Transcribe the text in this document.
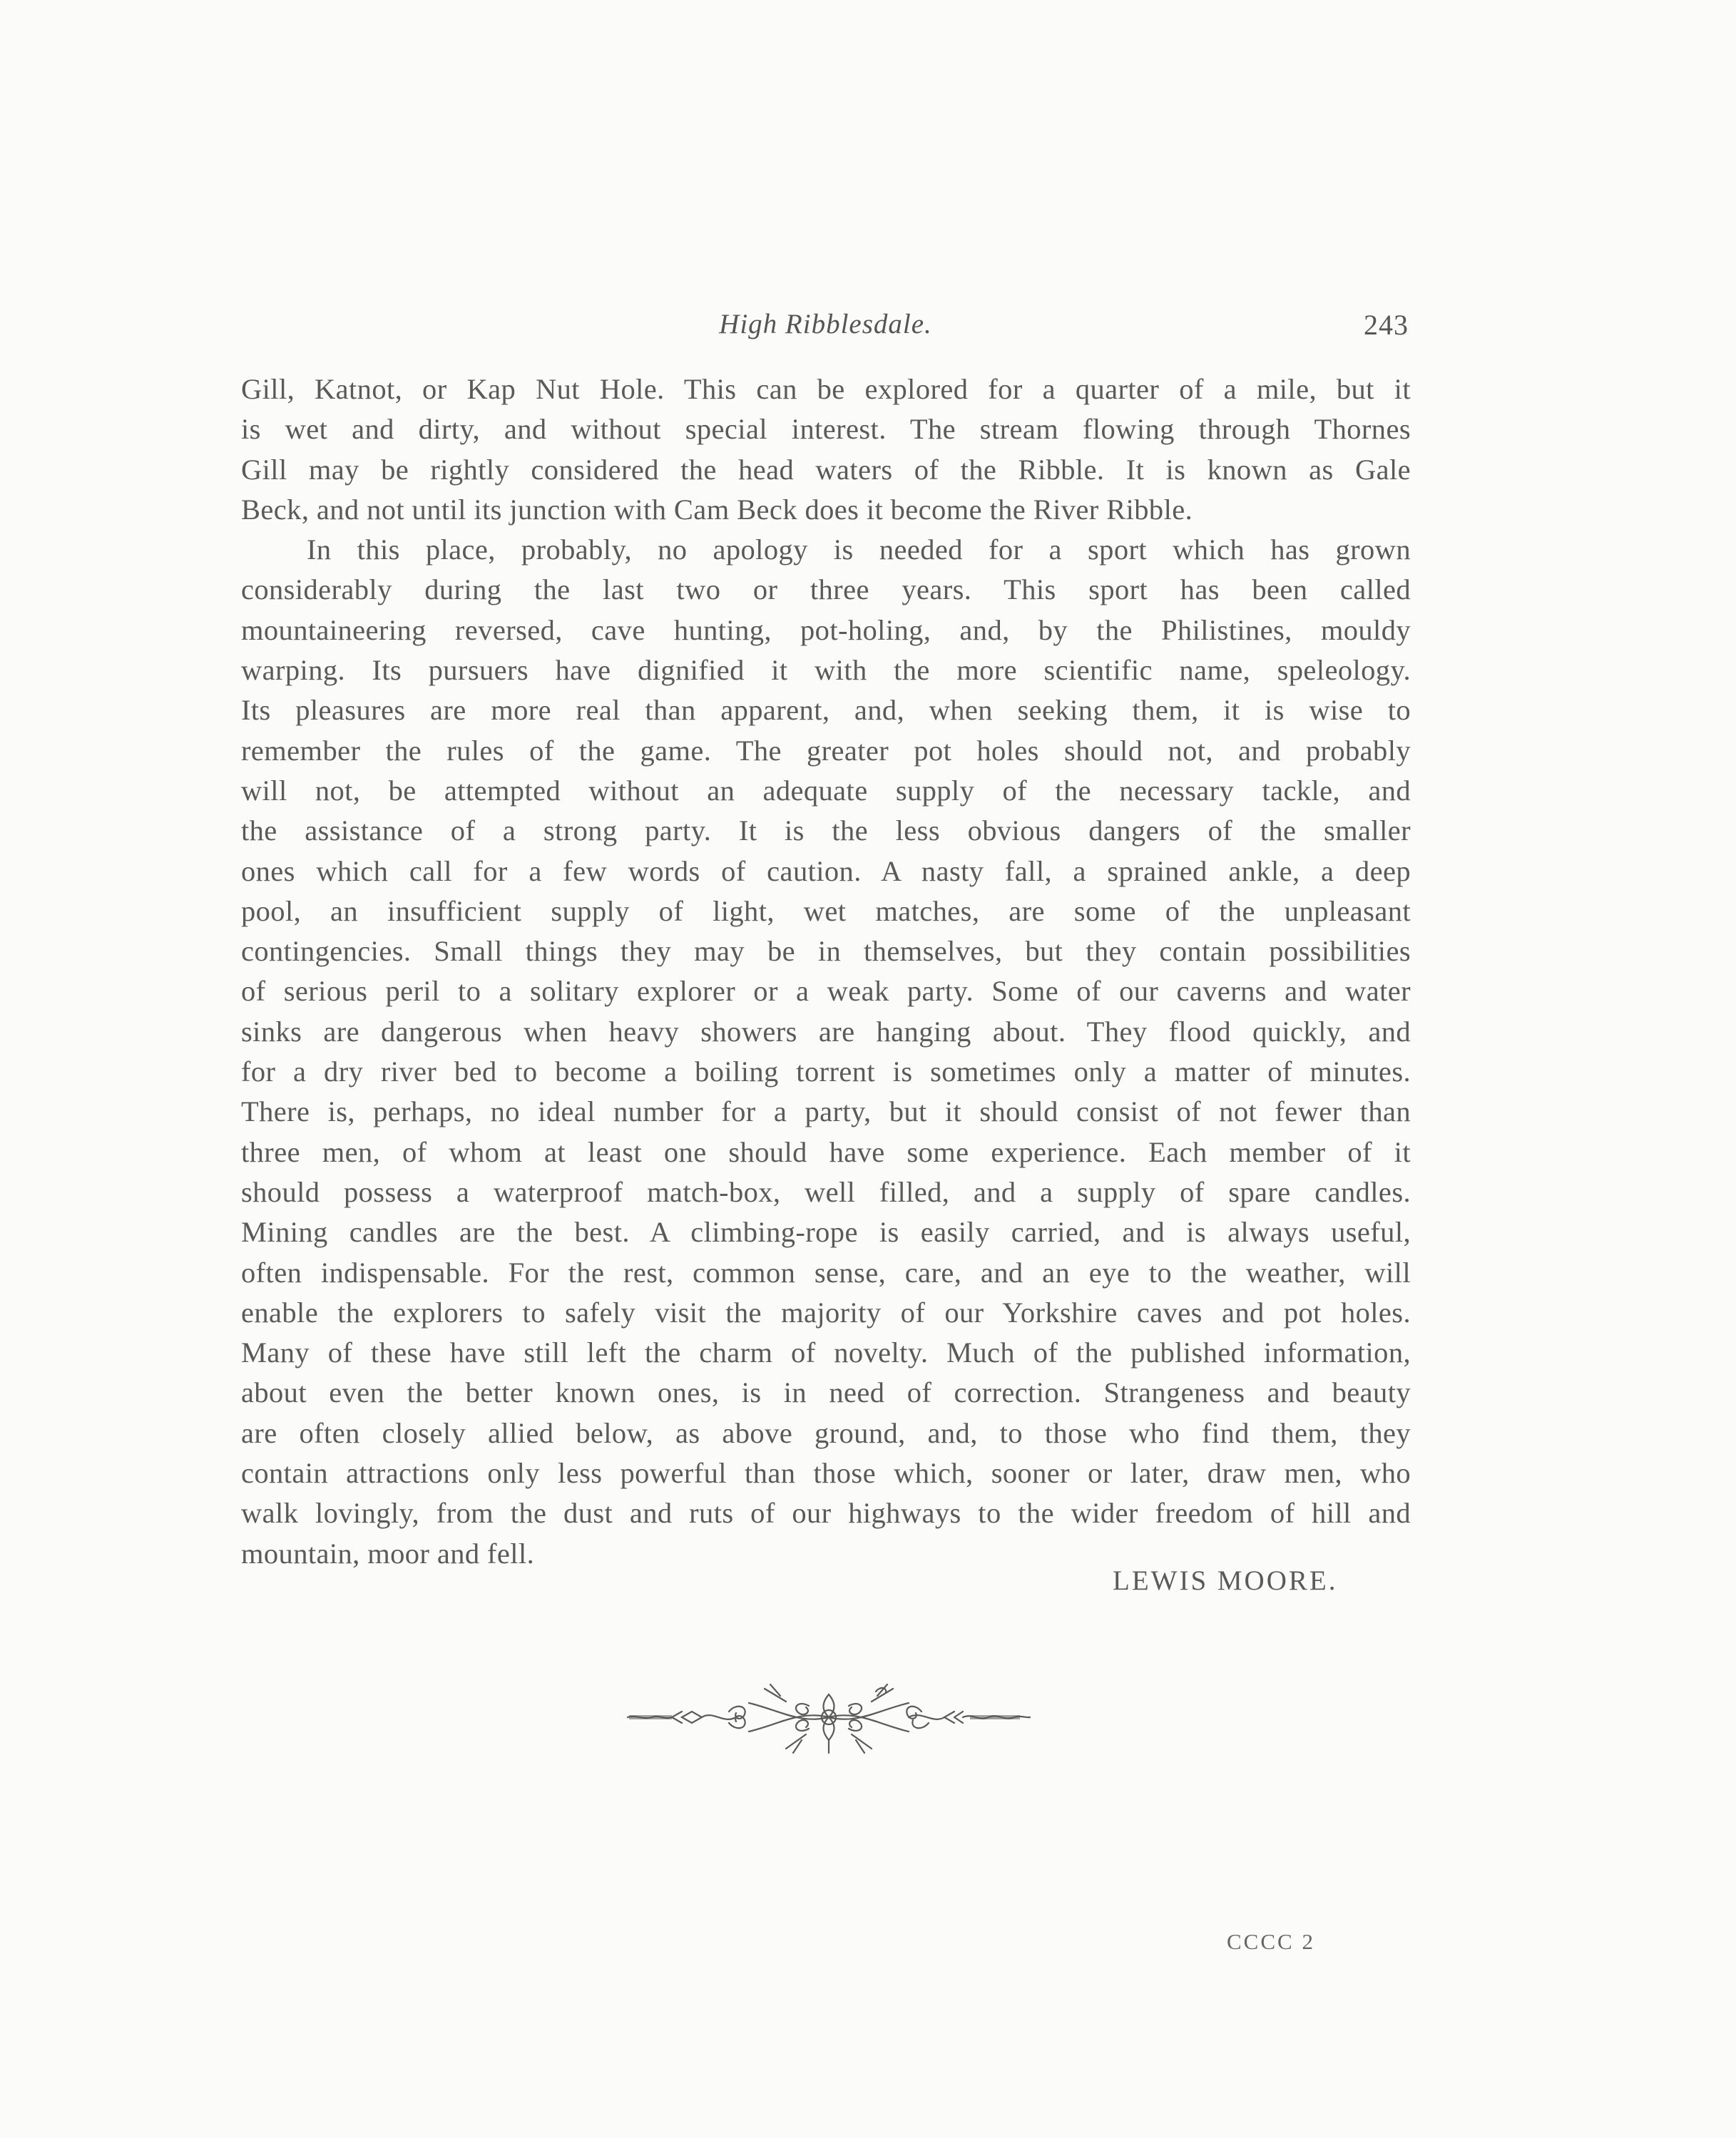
High Ribblesdale.	243
Gill, Katnot, or Kap Nut Hole. This can be explored for a quarter of a mile, but it
is wet and dirty, and without special interest. The stream flowing through Thornes
Gill may be rightly considered the head waters of the Ribble. It is known as Gale
Beck, and not until its junction with Cam Beck does it become the River Ribble.
In this place, probably, no apology is needed for a sport which has grown
considerably during the last two or three years. This sport has been called
mountaineering reversed, cave hunting, pot-holing, and, by the Philistines, mouldy
warping. Its pursuers have dignified it with the more scientific name, speleology.
Its pleasures are more real than apparent, and, when seeking them, it is wise to
remember the rules of the game. The greater pot holes should not, and probably
will not, be attempted without an adequate supply of the necessary tackle, and
the assistance of a strong party. It is the less obvious dangers of the smaller
ones which call for a few words of caution. A nasty fall, a sprained ankle, a deep
pool, an insufficient supply of light, wet matches, are some of the unpleasant
contingencies. Small things they may be in themselves, but they contain possibilities
of serious peril to a solitary explorer or a weak party. Some of our caverns and water
sinks are dangerous when heavy showers are hanging about. They flood quickly, and
for a dry river bed to become a boiling torrent is sometimes only a matter of minutes.
There is, perhaps, no ideal number for a party, but it should consist of not fewer than
three men, of whom at least one should have some experience. Each member of it
should possess a waterproof match-box, well filled, and a supply of spare candles.
Mining candles are the best. A climbing-rope is easily carried, and is always useful,
often indispensable. For the rest, common sense, care, and an eye to the weather, will
enable the explorers to safely visit the majority of our Yorkshire caves and pot holes.
Many of these have still left the charm of novelty. Much of the published information,
about even the better known ones, is in need of correction. Strangeness and beauty
are often closely allied below, as above ground, and, to those who find them, they
contain attractions only less powerful than those which, sooner or later, draw men, who
walk lovingly, from the dust and ruts of our highways to the wider freedom of hill and
mountain, moor and fell.
LEWIS MOORE.
CCCC 2
